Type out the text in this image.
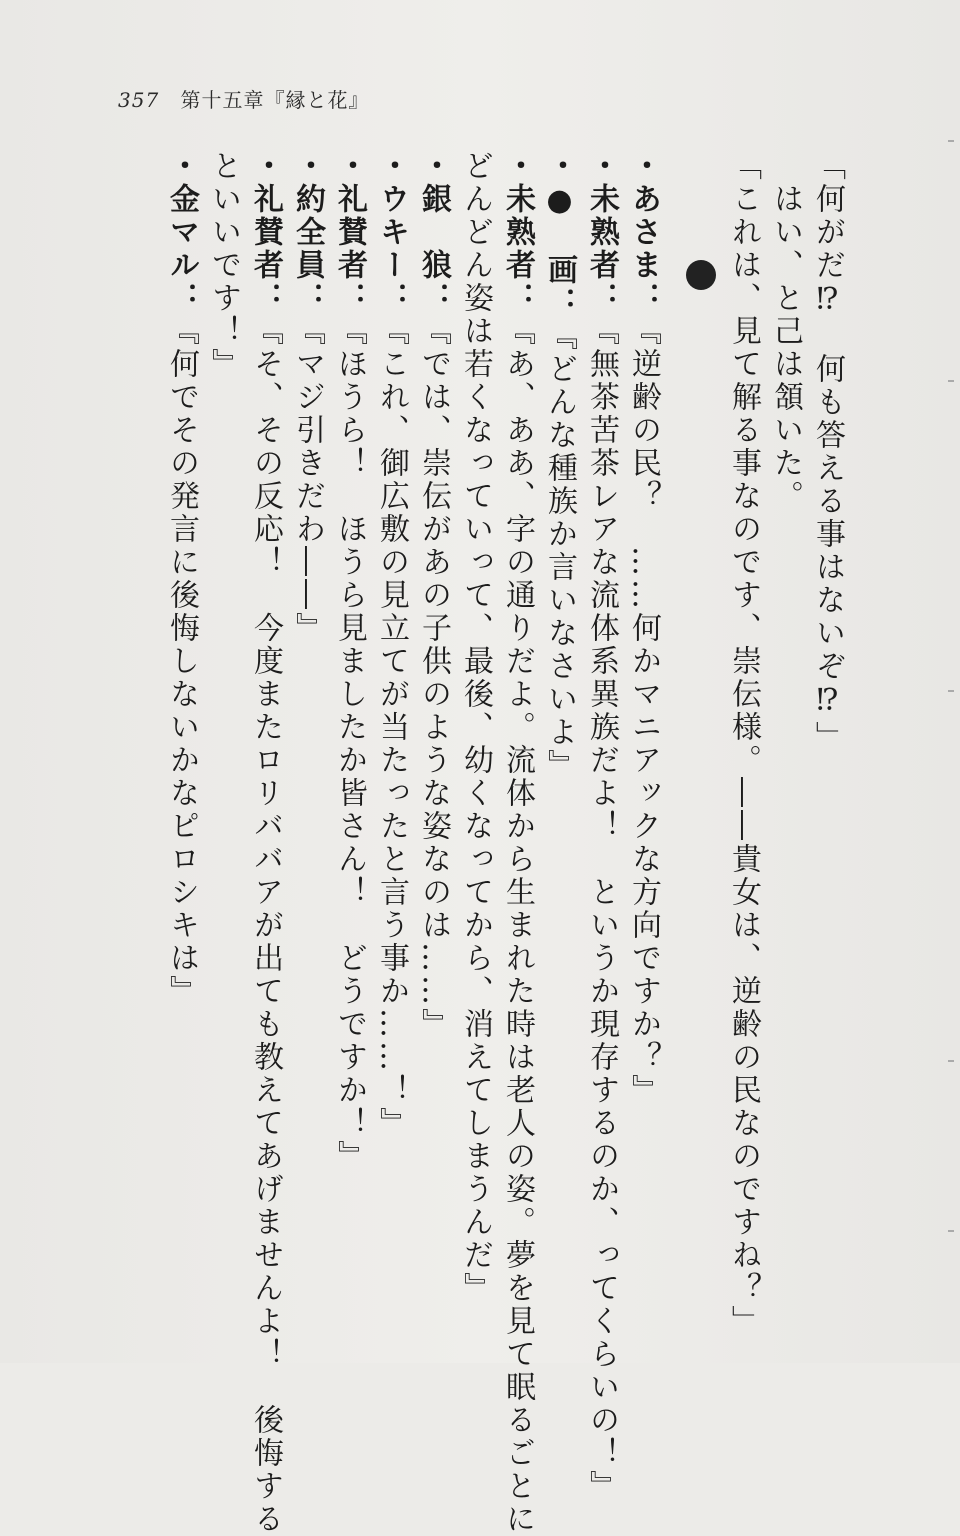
357 第十五章『縁と花』
「何がだ⁉　何も答える事はないぞ⁉」
　はい、と己は頷いた。
「これは、見て解る事なのです、崇伝様。――貴女は、逆齢の民なのですね？」
・あさま：『逆齢の民？　……何かマニアックな方向ですか？』
・未熟者：『無茶苦茶レアな流体系異族だよ！　というか現存するのか、ってくらいの！』
・●　画：『どんな種族か言いなさいよ』
・未熟者：『あ、ああ、字の通りだよ。流体から生まれた時は老人の姿。夢を見て眠るごとに
どんどん姿は若くなっていって、最後、幼くなってから、消えてしまうんだ』
・銀　狼：『では、崇伝があの子供のような姿なのは……』
・ウキー：『これ、御広敷の見立てが当たったと言う事か……！』
・礼賛者：『ほうら！　ほうら見ましたか皆さん！　どうですか！』
・約全員：『マジ引きだわ――』
・礼賛者：『そ、その反応！　今度またロリババアが出ても教えてあげませんよ！　後悔する
といいです！』
・金マル：『何でその発言に後悔しないかなピロシキは』
